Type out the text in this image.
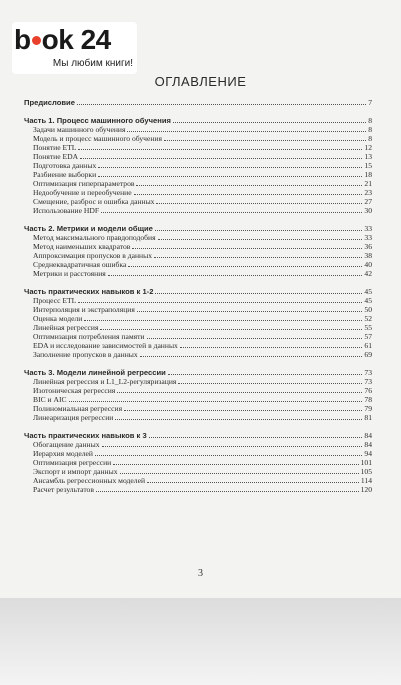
b ok 24
Мы любим книги!
ОГЛАВЛЕНИЕ
Предисловие	7
Часть 1. Процесс машинного обучения	8
Задачи машинного обучения	8
Модель и процесс машинного обучения	8
Понятие ETL	12
Понятие EDA	13
Подготовка данных	15
Разбиение выборки	18
Оптимизация гиперпараметров	21
Недообучение и переобучение	23
Смещение, разброс и ошибка данных	27
Использование HDF	30
Часть 2. Метрики и модели общие	33
Метод максимального правдоподобия	33
Метод наименьших квадратов	36
Аппроксимация пропусков в данных	38
Среднеквадратичная ошибка	40
Метрики и расстояния	42
Часть практических навыков к 1-2	45
Процесс ETL	45
Интерполяция и экстраполяция	50
Оценка модели	52
Линейная регрессия	55
Оптимизация потребления памяти	57
EDA и исследование зависимостей в данных	61
Заполнение пропусков в данных	69
Часть 3. Модели линейной регрессии	73
Линейная регрессия и L1_L2-регуляризация	73
Изотоническая регрессия	76
BIC и AIC	78
Полиномиальная регрессия	79
Линеаризация регрессии	81
Часть практических навыков к 3	84
Обогащение данных	84
Иерархия моделей	94
Оптимизация регрессии	101
Экспорт и импорт данных	105
Ансамбль регрессионных моделей	114
Расчет результатов	120
3
